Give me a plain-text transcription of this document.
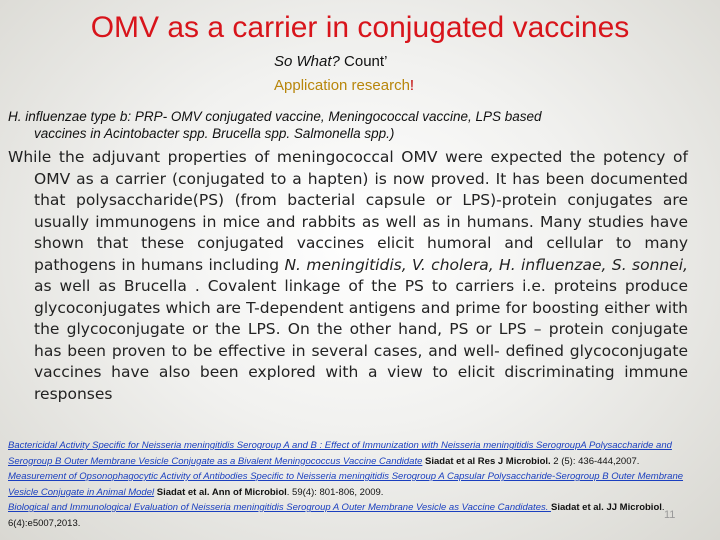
OMV as a carrier in conjugated vaccines
So What? Count’
Application research!
H. influenzae type b: PRP- OMV conjugated vaccine, Meningococcal vaccine, LPS based
vaccines in Acintobacter spp. Brucella spp. Salmonella spp.)

While the adjuvant properties of meningococcal OMV were expected the potency of OMV as a carrier (conjugated to a hapten) is now proved. It has been documented that polysaccharide(PS) (from bacterial capsule or LPS)-protein conjugates are usually immunogens in mice and rabbits as well as in humans. Many studies have shown that these conjugated vaccines elicit humoral and cellular to many pathogens in humans including N. meningitidis, V. cholera, H. influenzae, S. sonnei, as well as Brucella . Covalent linkage of the PS to carriers i.e. proteins produce glycoconjugates which are T-dependent antigens and prime for boosting either with the glycoconjugate or the LPS. On the other hand, PS or LPS – protein conjugate has been proven to be effective in several cases, and well- defined glycoconjugate vaccines have also been explored with a view to elicit discriminating immune responses

Bactericidal Activity Specific for Neisseria meningitidis Serogroup A and B : Effect of Immunization with Neisseria meningitidis SerogroupA Polysaccharide and Serogroup B Outer Membrane Vesicle Conjugate as a Bivalent Meningococcus Vaccine Candidate Siadat et al Res J Microbiol. 2 (5): 436-444,2007.
Measurement of Opsonophagocytic Activity of Antibodies Specific to Neisseria meningitidis Serogroup A Capsular Polysaccharide-Serogroup B Outer Membrane Vesicle Conjugate in Animal Model Siadat et al. Ann of Microbiol. 59(4): 801-806, 2009.
Biological and Immunological Evaluation of Neisseria meningitidis Serogroup A Outer Membrane Vesicle as Vaccine Candidates. Siadat et al. JJ Microbiol. 6(4):e5007,2013.
11
